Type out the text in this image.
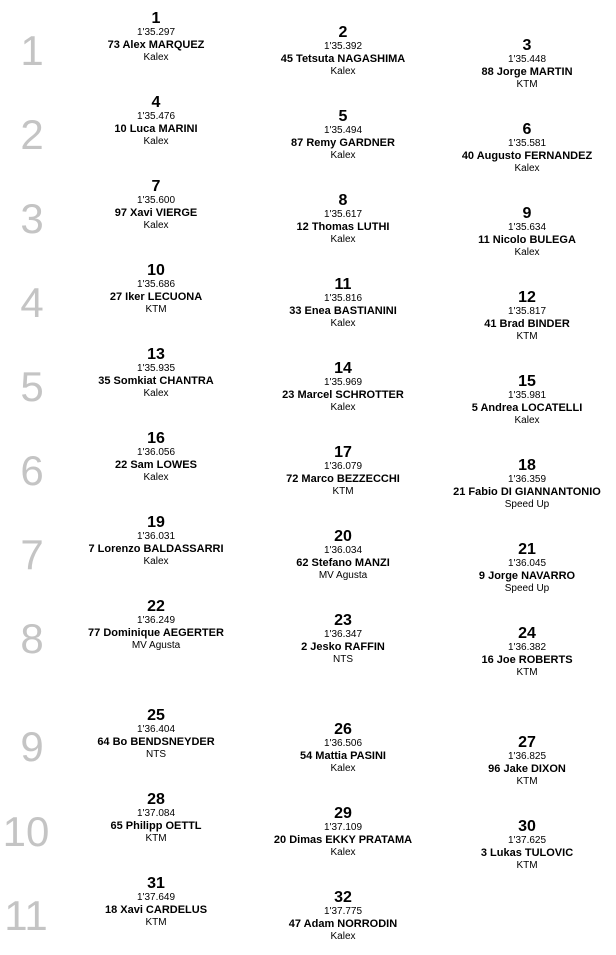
1
2
3
4
5
6
7
8
9
10
11
1
1'35.297
73 Alex MARQUEZ
Kalex
2
1'35.392
45 Tetsuta NAGASHIMA
Kalex
3
1'35.448
88 Jorge MARTIN
KTM
4
1'35.476
10 Luca MARINI
Kalex
5
1'35.494
87 Remy GARDNER
Kalex
6
1'35.581
40 Augusto FERNANDEZ
Kalex
7
1'35.600
97 Xavi VIERGE
Kalex
8
1'35.617
12 Thomas LUTHI
Kalex
9
1'35.634
11 Nicolo BULEGA
Kalex
10
1'35.686
27 Iker LECUONA
KTM
11
1'35.816
33 Enea BASTIANINI
Kalex
12
1'35.817
41 Brad BINDER
KTM
13
1'35.935
35 Somkiat CHANTRA
Kalex
14
1'35.969
23 Marcel SCHROTTER
Kalex
15
1'35.981
5 Andrea LOCATELLI
Kalex
16
1'36.056
22 Sam LOWES
Kalex
17
1'36.079
72 Marco BEZZECCHI
KTM
18
1'36.359
21 Fabio DI GIANNANTONIO
Speed Up
19
1'36.031
7 Lorenzo BALDASSARRI
Kalex
20
1'36.034
62 Stefano MANZI
MV Agusta
21
1'36.045
9 Jorge NAVARRO
Speed Up
22
1'36.249
77 Dominique AEGERTER
MV Agusta
23
1'36.347
2 Jesko RAFFIN
NTS
24
1'36.382
16 Joe ROBERTS
KTM
25
1'36.404
64 Bo BENDSNEYDER
NTS
26
1'36.506
54 Mattia PASINI
Kalex
27
1'36.825
96 Jake DIXON
KTM
28
1'37.084
65 Philipp OETTL
KTM
29
1'37.109
20 Dimas EKKY PRATAMA
Kalex
30
1'37.625
3 Lukas TULOVIC
KTM
31
1'37.649
18 Xavi CARDELUS
KTM
32
1'37.775
47 Adam NORRODIN
Kalex
